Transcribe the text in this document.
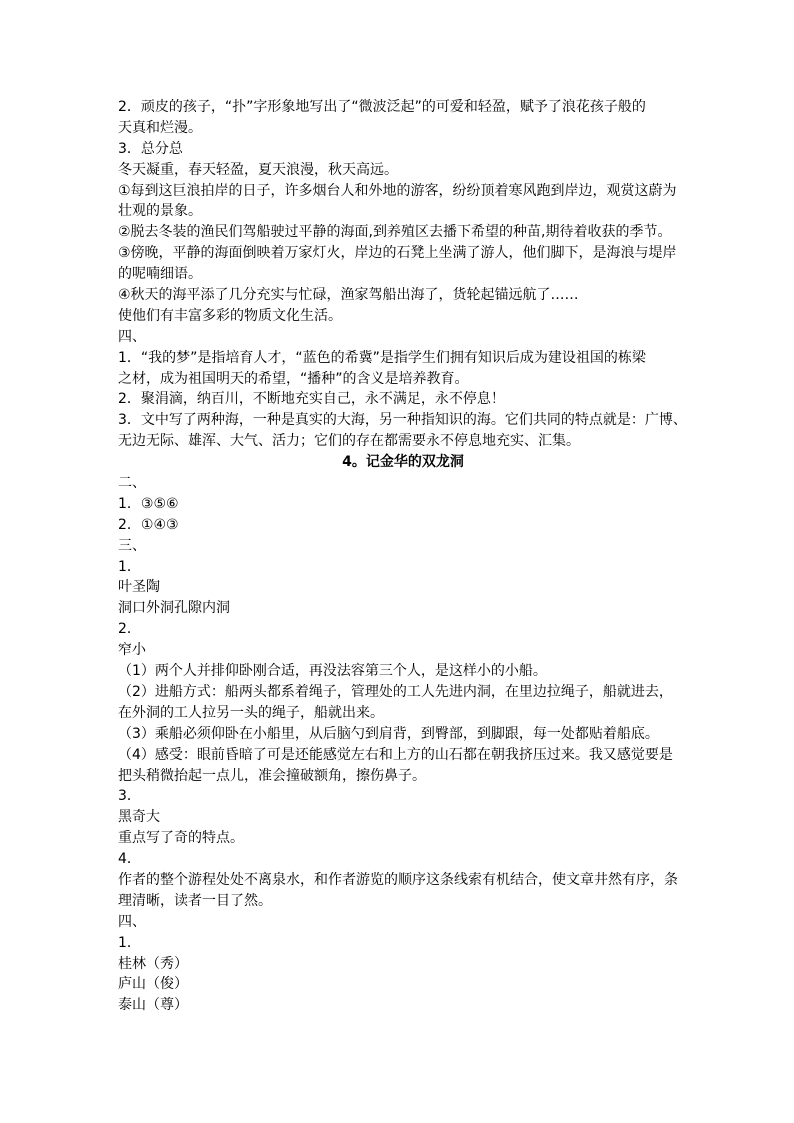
2．顽皮的孩子，“扑”字形象地写出了“微波泛起”的可爱和轻盈，赋予了浪花孩子般的
天真和烂漫。
3．总分总
冬天凝重，春天轻盈，夏天浪漫，秋天高远。
①每到这巨浪拍岸的日子，许多烟台人和外地的游客，纷纷顶着寒风跑到岸边，观赏这蔚为
壮观的景象。
②脱去冬装的渔民们驾船驶过平静的海面,到养殖区去播下希望的种苗,期待着收获的季节。
③傍晚，平静的海面倒映着万家灯火，岸边的石凳上坐满了游人，他们脚下，是海浪与堤岸
的呢喃细语。
④秋天的海平添了几分充实与忙碌，渔家驾船出海了，货轮起锚远航了……
使他们有丰富多彩的物质文化生活。
四、
1．“我的梦”是指培育人才，“蓝色的希冀”是指学生们拥有知识后成为建设祖国的栋梁
之材，成为祖国明天的希望，“播种”的含义是培养教育。
2．聚涓滴，纳百川，不断地充实自己，永不满足，永不停息！
3．文中写了两种海，一种是真实的大海，另一种指知识的海。它们共同的特点就是：广博、
无边无际、雄浑、大气、活力；它们的存在都需要永不停息地充实、汇集。
4。记金华的双龙洞
二、
1．③⑤⑥
2．①④③
三、
1．
叶圣陶
洞口外洞孔隙内洞
2．
窄小
（1）两个人并排仰卧刚合适，再没法容第三个人，是这样小的小船。
（2）进船方式：船两头都系着绳子，管理处的工人先进内洞，在里边拉绳子，船就进去，
在外洞的工人拉另一头的绳子，船就出来。
（3）乘船必须仰卧在小船里，从后脑勺到肩背，到臀部，到脚跟，每一处都贴着船底。
（4）感受：眼前昏暗了可是还能感觉左右和上方的山石都在朝我挤压过来。我又感觉要是
把头稍微抬起一点儿，准会撞破额角，擦伤鼻子。
3．
黑奇大
重点写了奇的特点。
4．
作者的整个游程处处不离泉水，和作者游览的顺序这条线索有机结合，使文章井然有序，条
理清晰，读者一目了然。
四、
1．
桂林（秀）
庐山（俊）
泰山（尊）
